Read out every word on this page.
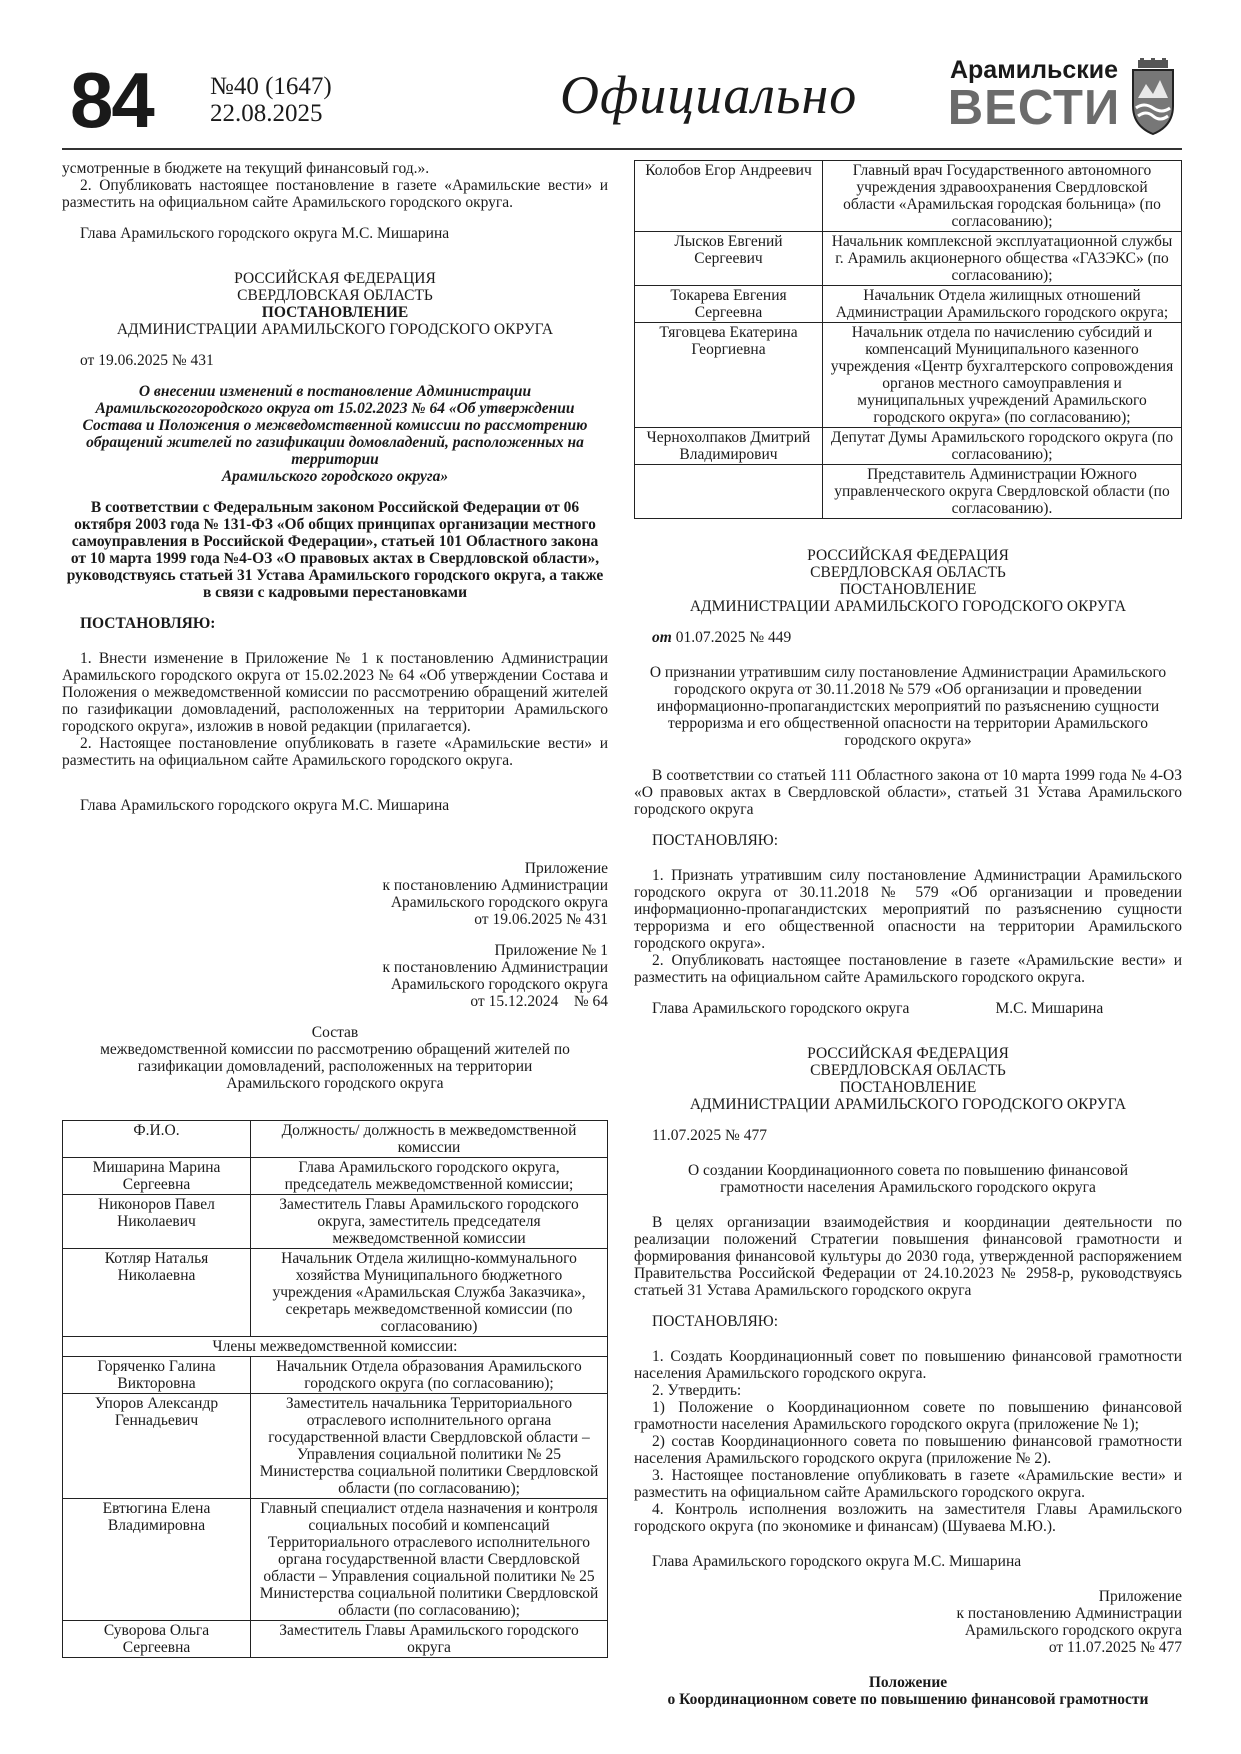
84 №40 (1647)
22.08.2025	Официально	Арамильские
ВЕСТИ

усмотренные в бюджете на текущий финансовый год.».

2. Опубликовать настоящее постановление в газете «Арамильские вести» и разместить на официальном сайте Арамильского городского округа.

Глава Арамильского городского округа М.С. Мишарина

РОССИЙСКАЯ ФЕДЕРАЦИЯ

СВЕРДЛОВСКАЯ ОБЛАСТЬ

ПОСТАНОВЛЕНИЕ

АДМИНИСТРАЦИИ АРАМИЛЬСКОГО ГОРОДСКОГО ОКРУГА

от 19.06.2025 № 431

О внесении изменений в постановление Администрации Арамильскогогородского округа от 15.02.2023 № 64 «Об утверждении Состава и Положения о межведомственной комиссии по рассмотрению обращений жителей по газификации домовладений, расположенных на территории

Арамильского городского округа»

В соответствии с Федеральным законом Российской Федерации от 06 октября 2003 года № 131-ФЗ «Об общих принципах организации местного самоуправления в Российской Федерации», статьей 101 Областного закона от 10 марта 1999 года №4-ОЗ «О правовых актах в Свердловской области», руководствуясь статьей 31 Устава Арамильского городского округа, а также в связи с кадровыми перестановками

ПОСТАНОВЛЯЮ:

1. Внести изменение в Приложение № 1 к постановлению Администрации Арамильского городского округа от 15.02.2023 № 64 «Об утверждении Состава и Положения о межведомственной комиссии по рассмотрению обращений жителей по газификации домовладений, расположенных на территории Арамильского городского округа», изложив в новой редакции (прилагается).

2. Настоящее постановление опубликовать в газете «Арамильские вести» и разместить на официальном сайте Арамильского городского округа.

Глава Арамильского городского округа М.С. Мишарина

Приложение

к постановлению Администрации

Арамильского городского округа

от 19.06.2025 № 431

Приложение № 1

к постановлению Администрации

Арамильского городского округа

от 15.12.2024    № 64

Состав

межведомственной комиссии по рассмотрению обращений жителей по газификации домовладений, расположенных на территории Арамильского городского округа

Ф.И.О.	Должность/ должность в межведомственной комиссии
Мишарина Марина Сергеевна	Глава Арамильского городского округа, председатель межведомственной комиссии;
Никоноров Павел Николаевич	Заместитель Главы Арамильского городского округа, заместитель председателя межведомственной комиссии
Котляр Наталья Николаевна	Начальник Отдела жилищно-коммунального хозяйства Муниципального бюджетного учреждения «Арамильская Служба Заказчика», секретарь межведомственной комиссии (по согласованию)
Члены межведомственной комиссии:	
Горяченко Галина Викторовна	Начальник Отдела образования Арамильского городского округа (по согласованию);
Упоров Александр Геннадьевич	Заместитель начальника Территориального отраслевого исполнительного органа государственной власти Свердловской области – Управления социальной политики № 25 Министерства социальной политики Свердловской области (по согласованию);
Евтюгина Елена Владимировна	Главный специалист отдела назначения и контроля социальных пособий и компенсаций Территориального отраслевого исполнительного органа государственной власти Свердловской области – Управления социальной политики № 25 Министерства социальной политики Свердловской области (по согласованию);
Суворова Ольга Сергеевна	Заместитель Главы Арамильского городского округа
Колобов Егор Андреевич	Главный врач Государственного автономного учреждения здравоохранения Свердловской области «Арамильская городская больница» (по согласованию);
Лысков Евгений Сергеевич	Начальник комплексной эксплуатационной службы г. Арамиль акционерного общества «ГАЗЭКС» (по согласованию);
Токарева Евгения Сергеевна	Начальник Отдела жилищных отношений Администрации Арамильского городского округа;
Тяговцева Екатерина Георгиевна	Начальник отдела по начислению субсидий и компенсаций Муниципального казенного учреждения «Центр бухгалтерского сопровождения органов местного самоуправления и муниципальных учреждений Арамильского городского округа» (по согласованию);
Чернохолпаков Дмитрий Владимирович	Депутат Думы Арамильского городского округа (по согласованию);
	Представитель Администрации Южного управленческого округа Свердловской области (по согласованию).

РОССИЙСКАЯ ФЕДЕРАЦИЯ

СВЕРДЛОВСКАЯ ОБЛАСТЬ

ПОСТАНОВЛЕНИЕ

АДМИНИСТРАЦИИ АРАМИЛЬСКОГО ГОРОДСКОГО ОКРУГА

от 01.07.2025 № 449

О признании утратившим силу постановление Администрации Арамильского городского округа от 30.11.2018 № 579 «Об организации и проведении информационно-пропагандистских мероприятий по разъяснению сущности терроризма и его общественной опасности на территории Арамильского городского округа»

В соответствии со статьей 111 Областного закона от 10 марта 1999 года № 4-ОЗ «О правовых актах в Свердловской области», статьей 31 Устава Арамильского городского округа

ПОСТАНОВЛЯЮ:

1. Признать утратившим силу постановление Администрации Арамильского городского округа от 30.11.2018 № 579 «Об организации и проведении информационно-пропагандистских мероприятий по разъяснению сущности терроризма и его общественной опасности на территории Арамильского городского округа».

2. Опубликовать настоящее постановление в газете «Арамильские вести» и разместить на официальном сайте Арамильского городского округа.

Глава Арамильского городского округа	М.С. Мишарина

РОССИЙСКАЯ ФЕДЕРАЦИЯ

СВЕРДЛОВСКАЯ ОБЛАСТЬ

ПОСТАНОВЛЕНИЕ

АДМИНИСТРАЦИИ АРАМИЛЬСКОГО ГОРОДСКОГО ОКРУГА

11.07.2025 № 477

О создании Координационного совета по повышению финансовой грамотности населения Арамильского городского округа

В целях организации взаимодействия и координации деятельности по реализации положений Стратегии повышения финансовой грамотности и формирования финансовой культуры до 2030 года, утвержденной распоряжением Правительства Российской Федерации от 24.10.2023 № 2958-р, руководствуясь статьей 31 Устава Арамильского городского округа

ПОСТАНОВЛЯЮ:

1. Создать Координационный совет по повышению финансовой грамотности населения Арамильского городского округа.

2. Утвердить:

1) Положение о Координационном совете по повышению финансовой грамотности населения Арамильского городского округа (приложение № 1);

2) состав Координационного совета по повышению финансовой грамотности населения Арамильского городского округа (приложение № 2).

3. Настоящее постановление опубликовать в газете «Арамильские вести» и разместить на официальном сайте Арамильского городского округа.

4. Контроль исполнения возложить на заместителя Главы Арамильского городского округа (по экономике и финансам) (Шуваева М.Ю.).

Глава Арамильского городского округа М.С. Мишарина

Приложение

к постановлению Администрации

Арамильского городского округа

от 11.07.2025 № 477

Положение

о Координационном совете по повышению финансовой грамотности
